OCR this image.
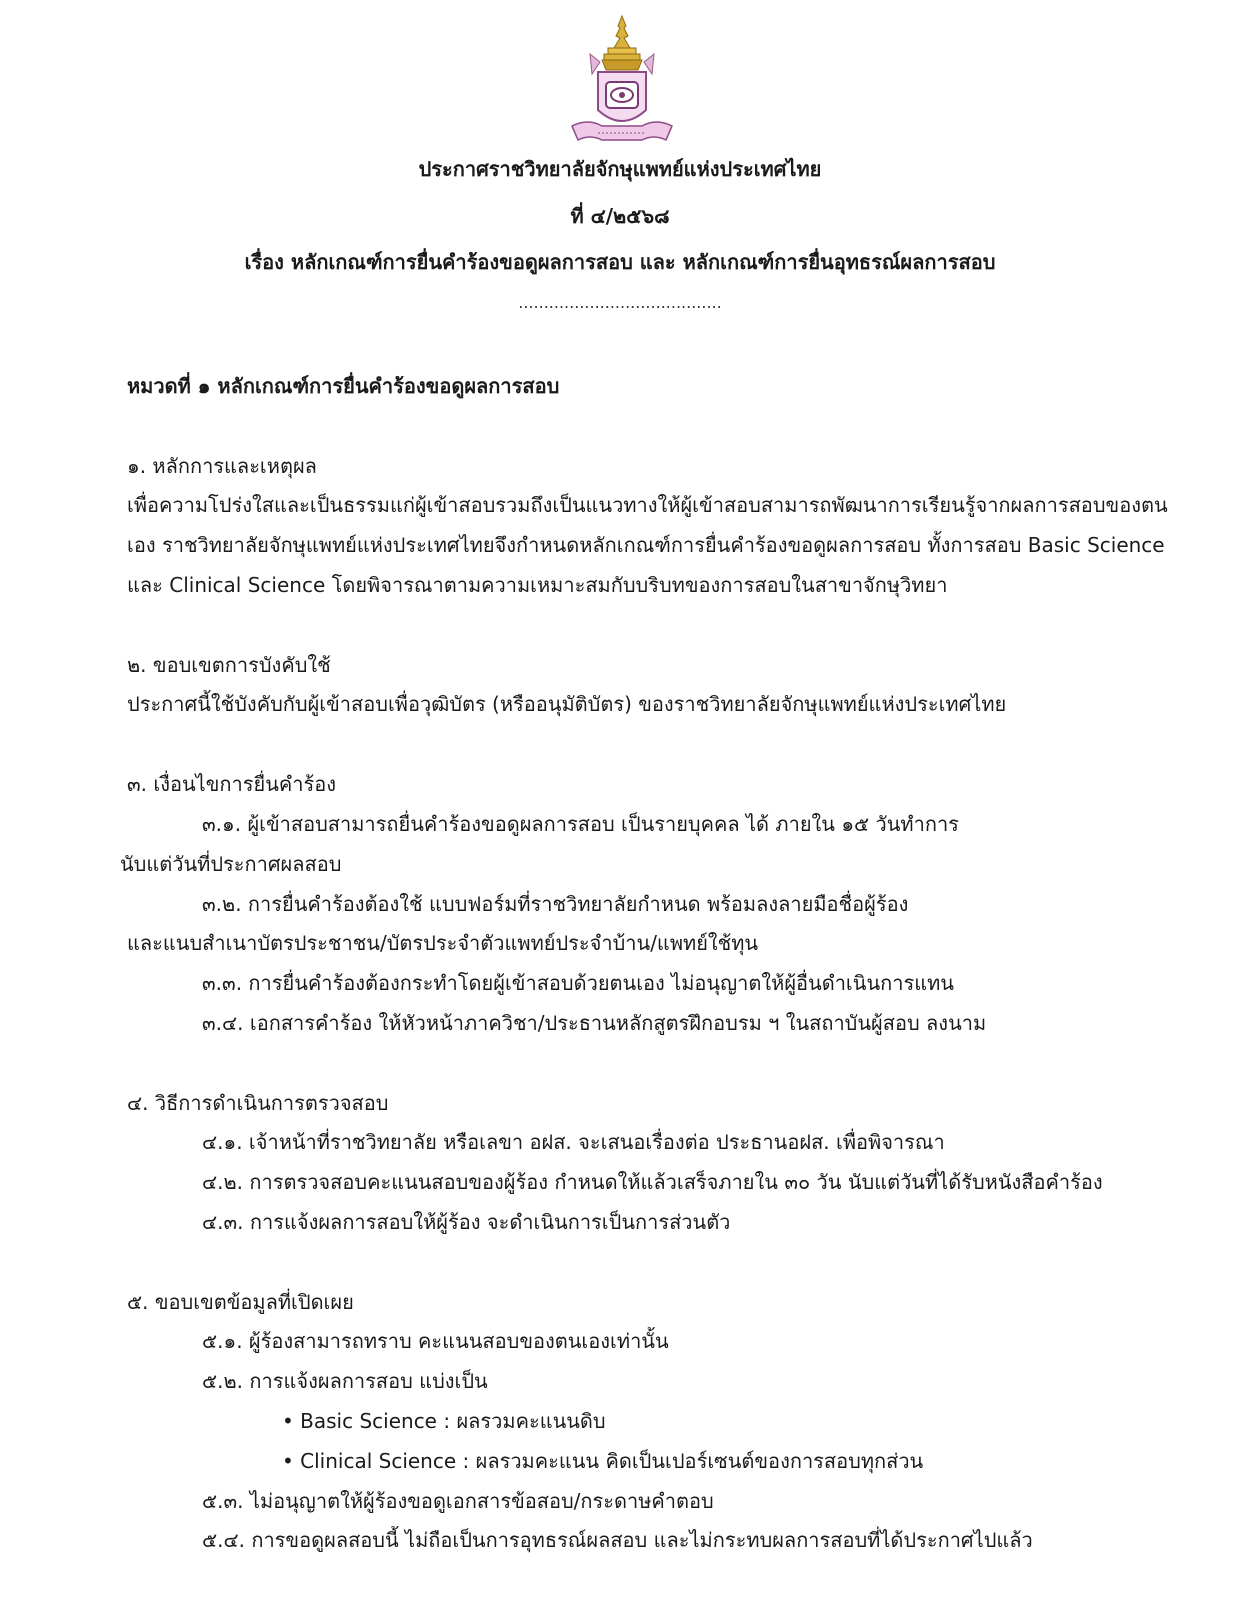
ประกาศราชวิทยาลัยจักษุแพทย์แห่งประเทศไทย
ที่ ๔/๒๕๖๘
เรื่อง หลักเกณฑ์การยื่นคำร้องขอดูผลการสอบ และ หลักเกณฑ์การยื่นอุทธรณ์ผลการสอบ
........................................
หมวดที่ ๑ หลักเกณฑ์การยื่นคำร้องขอดูผลการสอบ
๑. หลักการและเหตุผล
เพื่อความโปร่งใสและเป็นธรรมแก่ผู้เข้าสอบรวมถึงเป็นแนวทางให้ผู้เข้าสอบสามารถพัฒนาการเรียนรู้จากผลการสอบของตน
เอง ราชวิทยาลัยจักษุแพทย์แห่งประเทศไทยจึงกำหนดหลักเกณฑ์การยื่นคำร้องขอดูผลการสอบ ทั้งการสอบ Basic Science
และ Clinical Science โดยพิจารณาตามความเหมาะสมกับบริบทของการสอบในสาขาจักษุวิทยา
๒. ขอบเขตการบังคับใช้
ประกาศนี้ใช้บังคับกับผู้เข้าสอบเพื่อวุฒิบัตร (หรืออนุมัติบัตร) ของราชวิทยาลัยจักษุแพทย์แห่งประเทศไทย
๓. เงื่อนไขการยื่นคำร้อง
๓.๑. ผู้เข้าสอบสามารถยื่นคำร้องขอดูผลการสอบ เป็นรายบุคคล ได้ ภายใน ๑๕ วันทำการ
นับแต่วันที่ประกาศผลสอบ
๓.๒. การยื่นคำร้องต้องใช้ แบบฟอร์มที่ราชวิทยาลัยกำหนด พร้อมลงลายมือชื่อผู้ร้อง
และแนบสำเนาบัตรประชาชน/บัตรประจำตัวแพทย์ประจำบ้าน/แพทย์ใช้ทุน
๓.๓. การยื่นคำร้องต้องกระทำโดยผู้เข้าสอบด้วยตนเอง ไม่อนุญาตให้ผู้อื่นดำเนินการแทน
๓.๔. เอกสารคำร้อง ให้หัวหน้าภาควิชา/ประธานหลักสูตรฝึกอบรม ฯ ในสถาบันผู้สอบ ลงนาม
๔. วิธีการดำเนินการตรวจสอบ
๔.๑. เจ้าหน้าที่ราชวิทยาลัย หรือเลขา อฝส. จะเสนอเรื่องต่อ ประธานอฝส. เพื่อพิจารณา
๔.๒. การตรวจสอบคะแนนสอบของผู้ร้อง กำหนดให้แล้วเสร็จภายใน ๓๐ วัน นับแต่วันที่ได้รับหนังสือคำร้อง
๔.๓. การแจ้งผลการสอบให้ผู้ร้อง จะดำเนินการเป็นการส่วนตัว
๕. ขอบเขตข้อมูลที่เปิดเผย
๕.๑. ผู้ร้องสามารถทราบ คะแนนสอบของตนเองเท่านั้น
๕.๒. การแจ้งผลการสอบ แบ่งเป็น
• Basic Science : ผลรวมคะแนนดิบ
• Clinical Science : ผลรวมคะแนน คิดเป็นเปอร์เซนต์ของการสอบทุกส่วน
๕.๓. ไม่อนุญาตให้ผู้ร้องขอดูเอกสารข้อสอบ/กระดาษคำตอบ
๕.๔. การขอดูผลสอบนี้ ไม่ถือเป็นการอุทธรณ์ผลสอบ และไม่กระทบผลการสอบที่ได้ประกาศไปแล้ว
